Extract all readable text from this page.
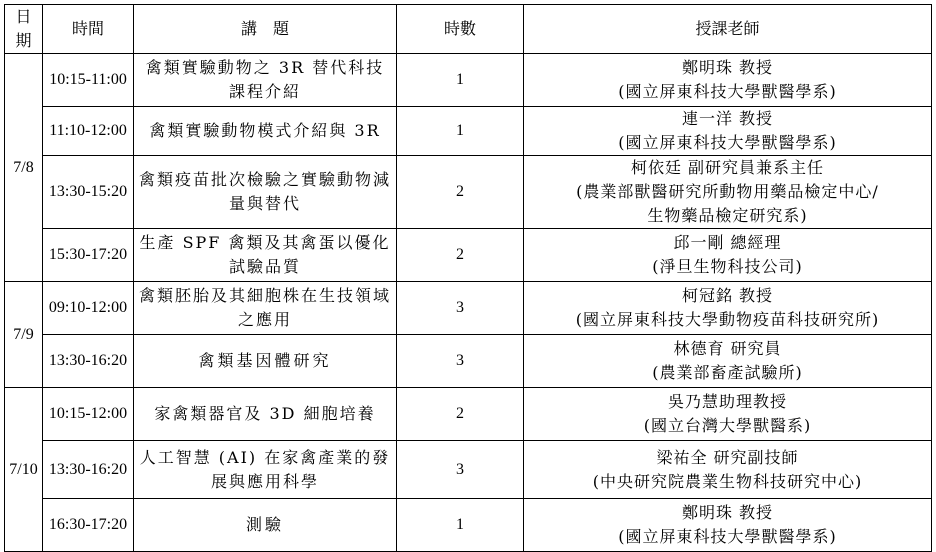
日期	時間	講　題	時數	授課老師
7/8	10:15-11:00	禽類實驗動物之 3R 替代科技課程介紹	1	鄭明珠 教授
(國立屏東科技大學獸醫學系)

	11:10-12:00	禽類實驗動物模式介紹與 3R	1	連一洋 教授
(國立屏東科技大學獸醫學系)

	13:30-15:20	禽類疫苗批次檢驗之實驗動物減量與替代	2	柯依廷 副研究員兼系主任
(農業部獸醫研究所動物用藥品檢定中心/
生物藥品檢定研究系)

	15:30-17:20	生產 SPF 禽類及其禽蛋以優化試驗品質	2	邱一剛 總經理
(淨旦生物科技公司)

7/9	09:10-12:00	禽類胚胎及其細胞株在生技領域之應用	3	柯冠銘 教授
(國立屏東科技大學動物疫苗科技研究所)

	13:30-16:20	禽類基因體研究	3	林德育 研究員
(農業部畜產試驗所)

7/10	10:15-12:00	家禽類器官及 3D 細胞培養	2	吳乃慧助理教授
(國立台灣大學獸醫系)

	13:30-16:20	人工智慧 (AI) 在家禽產業的發展與應用科學	3	梁祐全 研究副技師
(中央研究院農業生物科技研究中心)

	16:30-17:20	測驗	1	鄭明珠 教授
(國立屏東科技大學獸醫學系)
